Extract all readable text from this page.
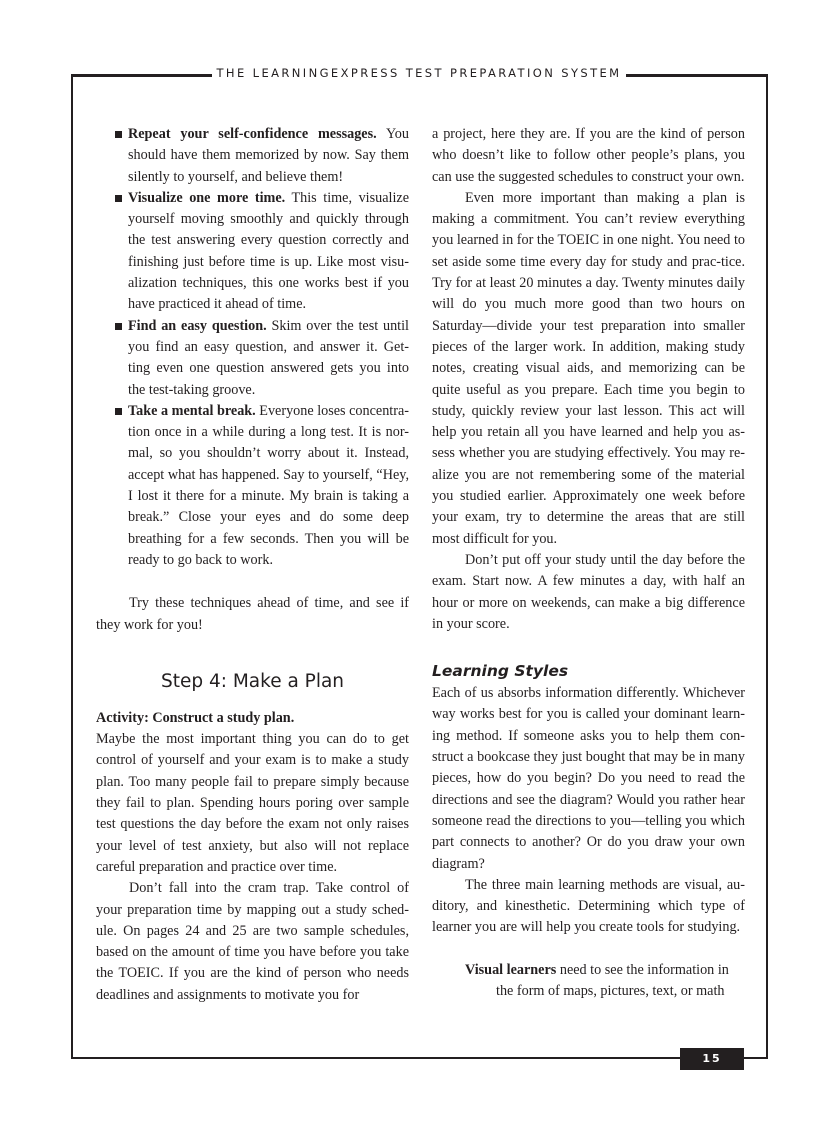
THE LEARNINGEXPRESS TEST PREPARATION SYSTEM
15
Repeat your self-confidence messages. You should have them memorized by now. Say them silently to yourself, and believe them!
Visualize one more time. This time, visualize yourself moving smoothly and quickly through the test answering every question correctly and finishing just before time is up. Like most visu-alization techniques, this one works best if you have practiced it ahead of time.
Find an easy question. Skim over the test until you find an easy question, and answer it. Get-ting even one question answered gets you into the test-taking groove.
Take a mental break. Everyone loses concentra-tion once in a while during a long test. It is nor-mal, so you shouldn’t worry about it. Instead, accept what has happened. Say to yourself, “Hey, I lost it there for a minute. My brain is taking a break.” Close your eyes and do some deep breathing for a few seconds. Then you will be ready to go back to work.

Try these techniques ahead of time, and see if they work for you!

Step 4: Make a Plan

Activity: Construct a study plan.

Maybe the most important thing you can do to get control of yourself and your exam is to make a study plan. Too many people fail to prepare simply because they fail to plan. Spending hours poring over sample test questions the day before the exam not only raises your level of test anxiety, but also will not replace careful preparation and practice over time.

Don’t fall into the cram trap. Take control of your preparation time by mapping out a study sched-ule. On pages 24 and 25 are two sample schedules, based on the amount of time you have before you take the TOEIC. If you are the kind of person who needs deadlines and assignments to motivate you for

a project, here they are. If you are the kind of person who doesn’t like to follow other people’s plans, you can use the suggested schedules to construct your own.

Even more important than making a plan is making a commitment. You can’t review everything you learned in for the TOEIC in one night. You need to set aside some time every day for study and prac-tice. Try for at least 20 minutes a day. Twenty minutes daily will do you much more good than two hours on Saturday—divide your test preparation into smaller pieces of the larger work. In addition, making study notes, creating visual aids, and memorizing can be quite useful as you prepare. Each time you begin to study, quickly review your last lesson. This act will help you retain all you have learned and help you as-sess whether you are studying effectively. You may re-alize you are not remembering some of the material you studied earlier. Approximately one week before your exam, try to determine the areas that are still most difficult for you.

Don’t put off your study until the day before the exam. Start now. A few minutes a day, with half an hour or more on weekends, can make a big difference in your score.

Learning Styles

Each of us absorbs information differently. Whichever way works best for you is called your dominant learn-ing method. If someone asks you to help them con-struct a bookcase they just bought that may be in many pieces, how do you begin? Do you need to read the directions and see the diagram? Would you rather hear someone read the directions to you—telling you which part connects to another? Or do you draw your own diagram?

The three main learning methods are visual, au-ditory, and kinesthetic. Determining which type of learner you are will help you create tools for studying.

Visual learners need to see the information in
the form of maps, pictures, text, or math
